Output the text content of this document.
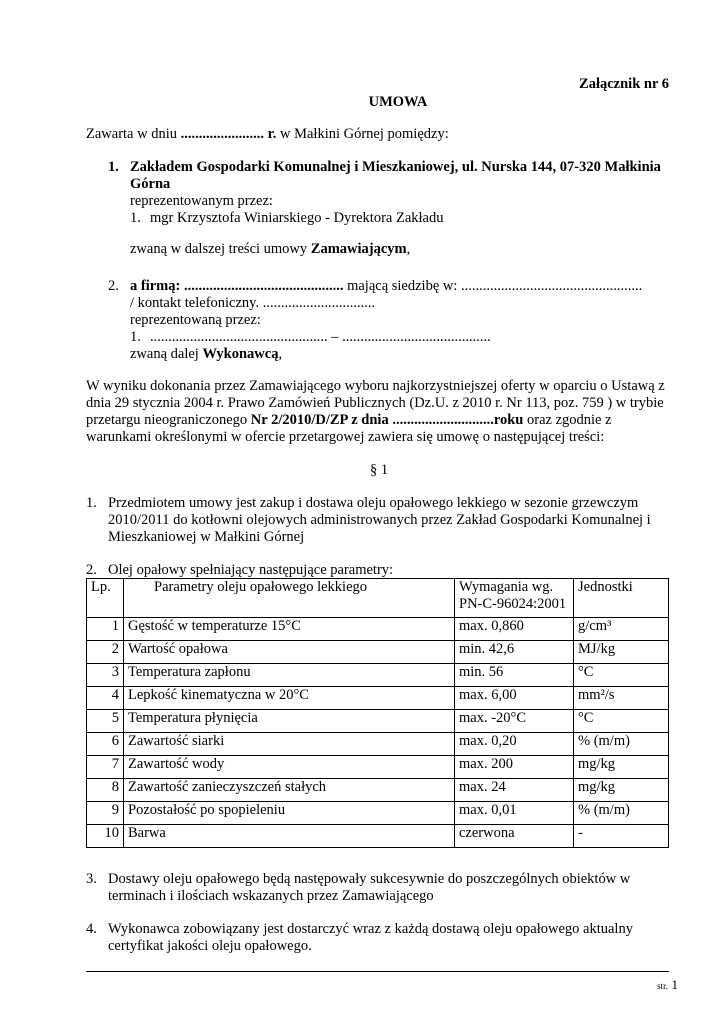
Załącznik nr 6
UMOWA
Zawarta w dniu ....................... r. w Małkini Górnej pomiędzy:
1. Zakładem Gospodarki Komunalnej i Mieszkaniowej, ul. Nurska 144, 07-320 Małkinia
Górna
reprezentowanym przez:
1. mgr Krzysztofa Winiarskiego - Dyrektora Zakładu
zwaną w dalszej treści umowy Zamawiającym,
2. a firmą: ............................................ mającą siedzibę w: ..................................................
/ kontakt telefoniczny. ...............................
reprezentowaną przez:
1. ................................................. – .........................................
zwaną dalej Wykonawcą,
W wyniku dokonania przez Zamawiającego wyboru najkorzystniejszej oferty w oparciu o Ustawą z
dnia 29 stycznia 2004 r. Prawo Zamówień Publicznych (Dz.U. z 2010 r. Nr 113, poz. 759 ) w trybie
przetargu nieograniczonego Nr 2/2010/D/ZP z dnia ............................roku oraz zgodnie z
warunkami określonymi w ofercie przetargowej zawiera się umowę o następującej treści:
§ 1
1. Przedmiotem umowy jest zakup i dostawa oleju opałowego lekkiego w sezonie grzewczym
2010/2011 do kotłowni olejowych administrowanych przez Zakład Gospodarki Komunalnej i
Mieszkaniowej w Małkini Górnej
2. Olej opałowy spełniający następujące parametry:
Lp.	Parametry oleju opałowego lekkiego	Wymagania wg.
PN-C-96024:2001	Jednostki
1	Gęstość w temperaturze 15°C	max. 0,860	g/cm³
2	Wartość opałowa	min. 42,6	MJ/kg
3	Temperatura zapłonu	min. 56	°C
4	Lepkość kinematyczna w 20°C	max. 6,00	mm²/s
5	Temperatura płynięcia	max. -20°C	°C
6	Zawartość siarki	max. 0,20	% (m/m)
7	Zawartość wody	max. 200	mg/kg
8	Zawartość zanieczyszczeń stałych	max. 24	mg/kg
9	Pozostałość po spopieleniu	max. 0,01	% (m/m)
10	Barwa	czerwona	-
3. Dostawy oleju opałowego będą następowały sukcesywnie do poszczególnych obiektów w
terminach i ilościach wskazanych przez Zamawiającego
4. Wykonawca zobowiązany jest dostarczyć wraz z każdą dostawą oleju opałowego aktualny
certyfikat jakości oleju opałowego.
str. 1
